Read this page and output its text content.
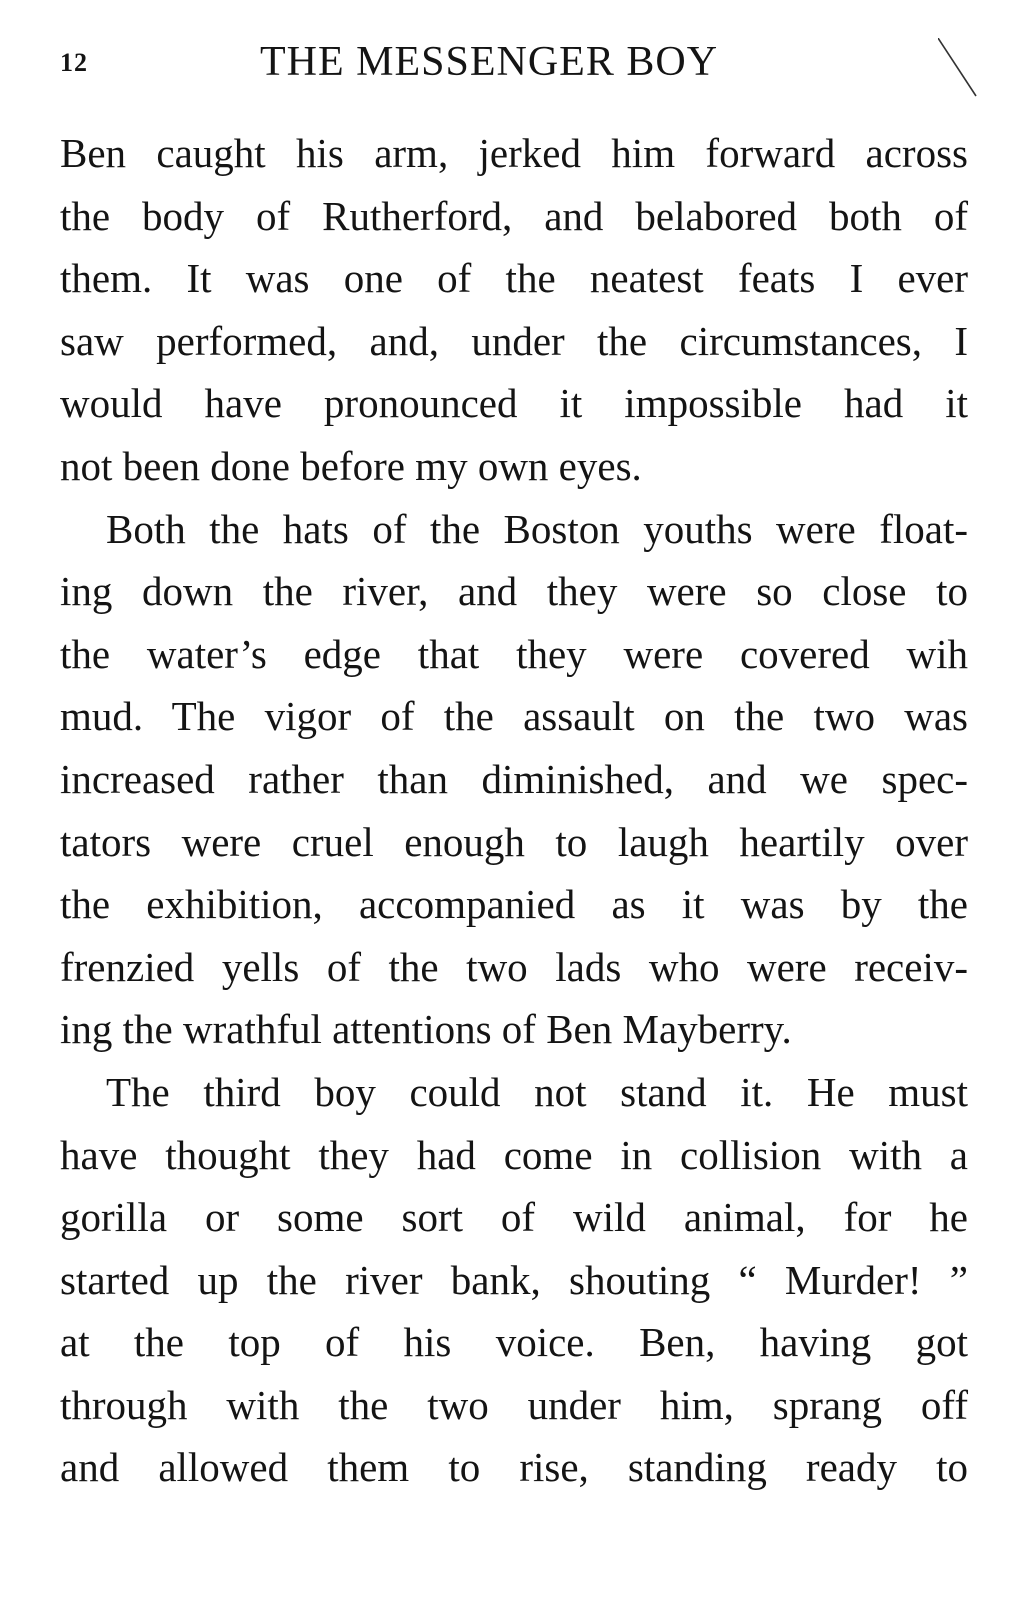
12	THE MESSENGER BOY
Ben caught his arm, jerked him forward across
the body of Rutherford, and belabored both of
them. It was one of the neatest feats I ever
saw performed, and, under the circumstances, I
would have pronounced it impossible had it
not been done before my own eyes.
Both the hats of the Boston youths were float-
ing down the river, and they were so close to
the water’s edge that they were covered wih
mud. The vigor of the assault on the two was
increased rather than diminished, and we spec-
tators were cruel enough to laugh heartily over
the exhibition, accompanied as it was by the
frenzied yells of the two lads who were receiv-
ing the wrathful attentions of Ben Mayberry.
The third boy could not stand it. He must
have thought they had come in collision with a
gorilla or some sort of wild animal, for he
started up the river bank, shouting “ Murder! ”
at the top of his voice. Ben, having got
through with the two under him, sprang off
and allowed them to rise, standing ready to
